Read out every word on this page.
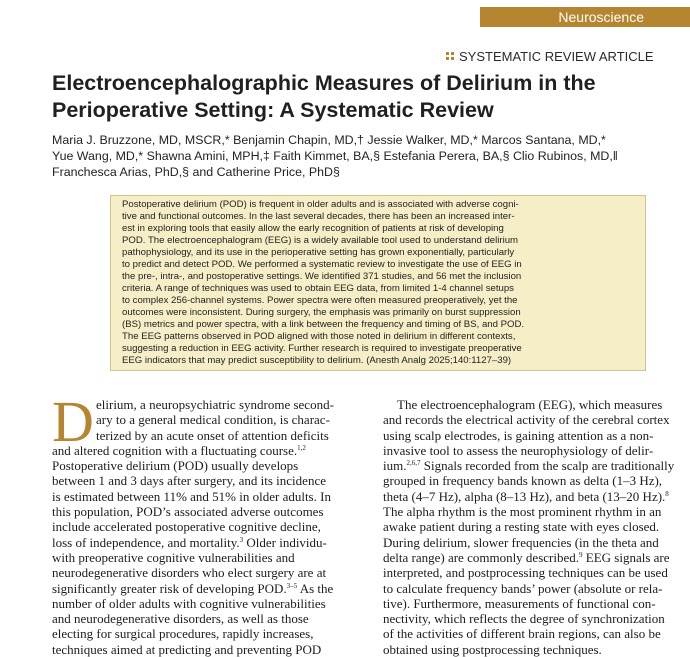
Neuroscience
SYSTEMATIC REVIEW ARTICLE
Electroencephalographic Measures of Delirium in the
Perioperative Setting: A Systematic Review
Maria J. Bruzzone, MD, MSCR,* Benjamin Chapin, MD,† Jessie Walker, MD,* Marcos Santana, MD,*
Yue Wang, MD,* Shawna Amini, MPH,‡ Faith Kimmet, BA,§ Estefania Perera, BA,§ Clio Rubinos, MD,‖
Franchesca Arias, PhD,§ and Catherine Price, PhD§
Postoperative delirium (POD) is frequent in older adults and is associated with adverse cogni-
tive and functional outcomes. In the last several decades, there has been an increased inter-
est in exploring tools that easily allow the early recognition of patients at risk of developing
POD. The electroencephalogram (EEG) is a widely available tool used to understand delirium
pathophysiology, and its use in the perioperative setting has grown exponentially, particularly
to predict and detect POD. We performed a systematic review to investigate the use of EEG in
the pre-, intra-, and postoperative settings. We identified 371 studies, and 56 met the inclusion
criteria. A range of techniques was used to obtain EEG data, from limited 1-4 channel setups
to complex 256-channel systems. Power spectra were often measured preoperatively, yet the
outcomes were inconsistent. During surgery, the emphasis was primarily on burst suppression
(BS) metrics and power spectra, with a link between the frequency and timing of BS, and POD.
The EEG patterns observed in POD aligned with those noted in delirium in different contexts,
suggesting a reduction in EEG activity. Further research is required to investigate preoperative
EEG indicators that may predict susceptibility to delirium. (Anesth Analg 2025;140:1127–39)
D elirium, a neuropsychiatric syndrome second-
ary to a general medical condition, is charac-
terized by an acute onset of attention deficits
and altered cognition with a fluctuating course.$^{1,2}$
Postoperative delirium (POD) usually develops
between 1 and 3 days after surgery, and its incidence
is estimated between 11% and 51% in older adults. In
this population, POD’s associated adverse outcomes
include accelerated postoperative cognitive decline,
loss of independence, and mortality.$^3$ Older individu-
with preoperative cognitive vulnerabilities and
neurodegenerative disorders who elect surgery are at
significantly greater risk of developing POD.$^{3-5}$ As the
number of older adults with cognitive vulnerabilities
and neurodegenerative disorders, as well as those
electing for surgical procedures, rapidly increases,
techniques aimed at predicting and preventing POD
The electroencephalogram (EEG), which measures
and records the electrical activity of the cerebral cortex
using scalp electrodes, is gaining attention as a non-
invasive tool to assess the neurophysiology of delir-
ium.$^{2,6,7}$ Signals recorded from the scalp are traditionally
grouped in frequency bands known as delta (1–3 Hz),
theta (4–7 Hz), alpha (8–13 Hz), and beta (13–20 Hz).$^8$
The alpha rhythm is the most prominent rhythm in an
awake patient during a resting state with eyes closed.
During delirium, slower frequencies (in the theta and
delta range) are commonly described.$^9$ EEG signals are
interpreted, and postprocessing techniques can be used
to calculate frequency bands’ power (absolute or rela-
tive). Furthermore, measurements of functional con-
nectivity, which reflects the degree of synchronization
of the activities of different brain regions, can also be
obtained using postprocessing techniques.
